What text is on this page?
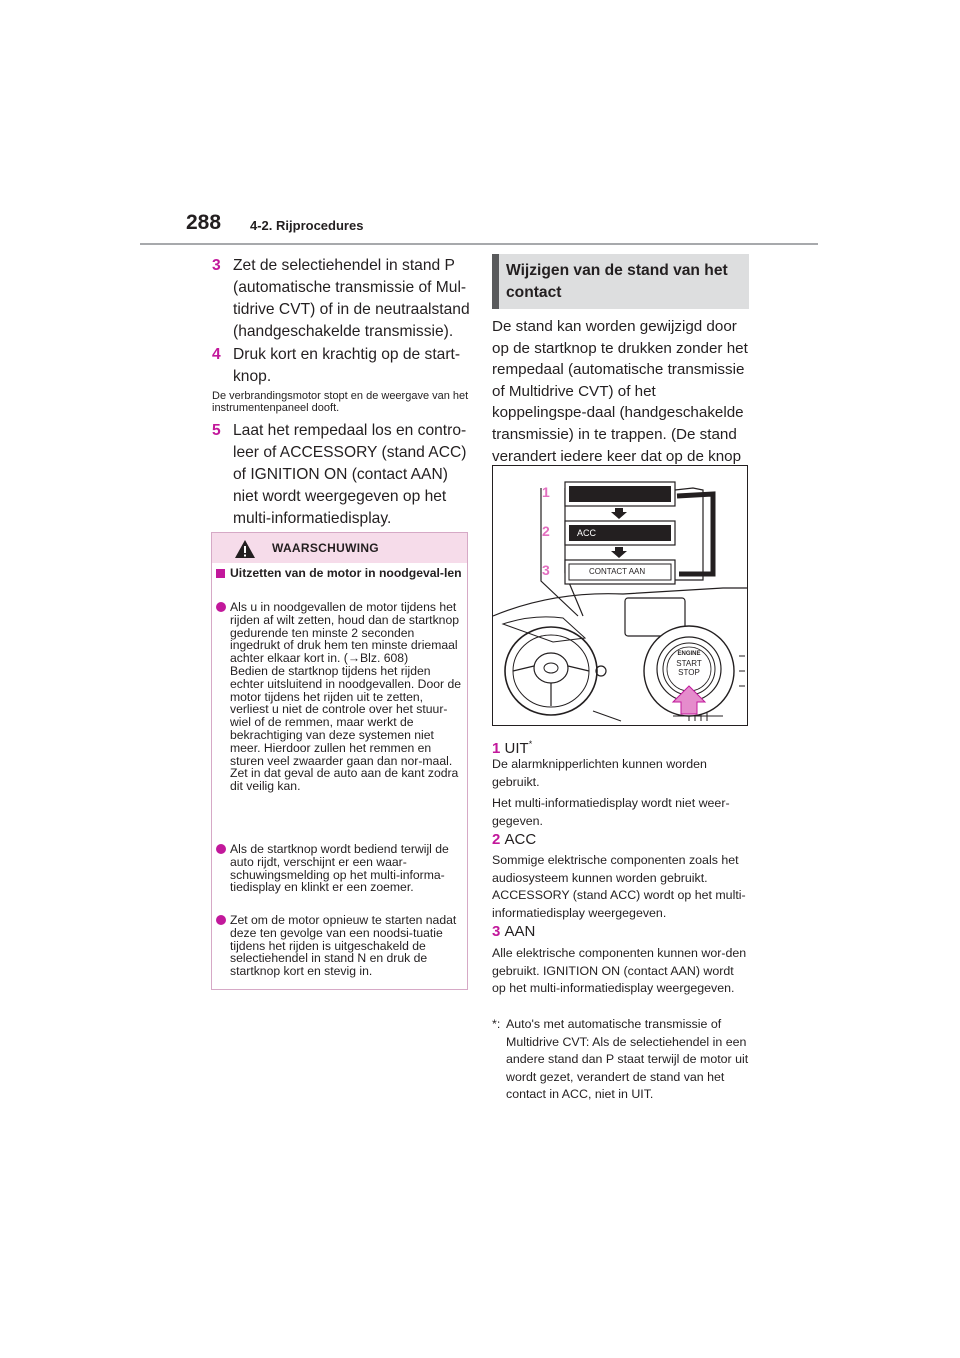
288 4-2. Rijprocedures
3 Zet de selectiehendel in stand P (automatische transmissie of Mul-tidrive CVT) of in de neutraalstand (handgeschakelde transmissie).
4 Druk kort en krachtig op de start-knop.
De verbrandingsmotor stopt en de weergave van het instrumentenpaneel dooft.
5 Laat het rempedaal los en contro-leer of ACCESSORY (stand ACC) of IGNITION ON (contact AAN) niet wordt weergegeven op het multi-informatiedisplay.
WAARSCHUWING
Uitzetten van de motor in noodgeval-len
Als u in noodgevallen de motor tijdens het rijden af wilt zetten, houd dan de startknop gedurende ten minste 2 seconden ingedrukt of druk hem ten minste driemaal achter elkaar kort in. (→Blz. 608)
Bedien de startknop tijdens het rijden echter uitsluitend in noodgevallen. Door de motor tijdens het rijden uit te zetten, verliest u niet de controle over het stuur-wiel of de remmen, maar werkt de bekrachtiging van deze systemen niet meer. Hierdoor zullen het remmen en sturen veel zwaarder gaan dan nor-maal. Zet in dat geval de auto aan de kant zodra dit veilig kan.
Als de startknop wordt bediend terwijl de auto rijdt, verschijnt er een waar-schuwingsmelding op het multi-informa-tiedisplay en klinkt er een zoemer.
Zet om de motor opnieuw te starten nadat deze ten gevolge van een noodsi-tuatie tijdens het rijden is uitgeschakeld de selectiehendel in stand N en druk de startknop kort en stevig in.
Wijzigen van de stand van het contact
De stand kan worden gewijzigd door op de startknop te drukken zonder het rempedaal (automatische transmissie of Multidrive CVT) of het koppelingspe-daal (handgeschakelde transmissie) in te trappen. (De stand verandert iedere keer dat op de knop
1
2
3
ACC
CONTACT AAN
ENGINE
START
STOP
1 UIT*
De alarmknipperlichten kunnen worden gebruikt.
Het multi-informatiedisplay wordt niet weer-gegeven.
2 ACC
Sommige elektrische componenten zoals het audiosysteem kunnen worden gebruikt. ACCESSORY (stand ACC) wordt op het multi-informatiedisplay weergegeven.
3 AAN
Alle elektrische componenten kunnen wor-den gebruikt. IGNITION ON (contact AAN) wordt op het multi-informatiedisplay weergegeven.
*: Auto's met automatische transmissie of Multidrive CVT: Als de selectiehendel in een andere stand dan P staat terwijl de motor uit wordt gezet, verandert de stand van het contact in ACC, niet in UIT.
